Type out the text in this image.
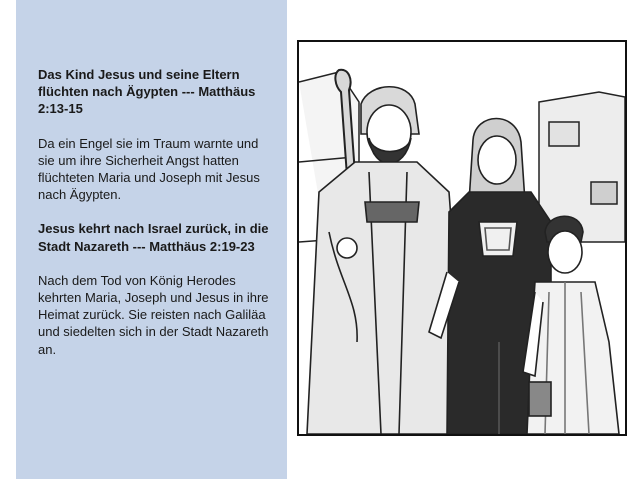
Das Kind Jesus und seine Eltern flüchten nach Ägypten --- Matthäus 2:13-15

Da ein Engel sie im Traum warnte und sie um ihre Sicherheit Angst hatten flüchteten Maria und Joseph mit Jesus nach Ägypten.

Jesus kehrt nach Israel zurück, in die Stadt Nazareth --- Matthäus 2:19-23

Nach dem Tod von König Herodes kehrten Maria, Joseph und Jesus in ihre Heimat zurück. Sie reisten nach Galiläa und siedelten sich in der Stadt Nazareth an.
